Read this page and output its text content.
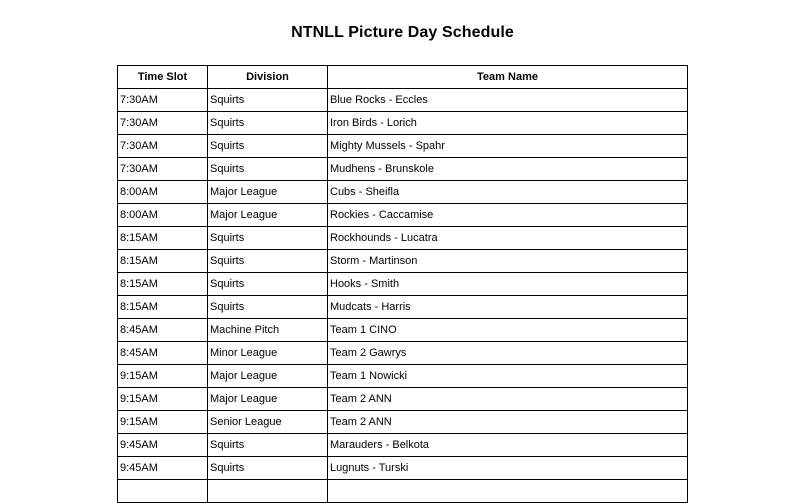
NTNLL Picture Day Schedule
Time Slot	Division	Team Name
7:30AM	Squirts	Blue Rocks - Eccles
7:30AM	Squirts	Iron Birds - Lorich
7:30AM	Squirts	Mighty Mussels - Spahr
7:30AM	Squirts	Mudhens - Brunskole
8:00AM	Major League	Cubs - Sheifla
8:00AM	Major League	Rockies - Caccamise
8:15AM	Squirts	Rockhounds - Lucatra
8:15AM	Squirts	Storm - Martinson
8:15AM	Squirts	Hooks - Smith
8:15AM	Squirts	Mudcats - Harris
8:45AM	Machine Pitch	Team 1 CINO
8:45AM	Minor League	Team 2 Gawrys
9:15AM	Major League	Team 1 Nowicki
9:15AM	Major League	Team 2 ANN
9:15AM	Senior League	Team 2 ANN
9:45AM	Squirts	Marauders - Belkota
9:45AM	Squirts	Lugnuts - Turski
